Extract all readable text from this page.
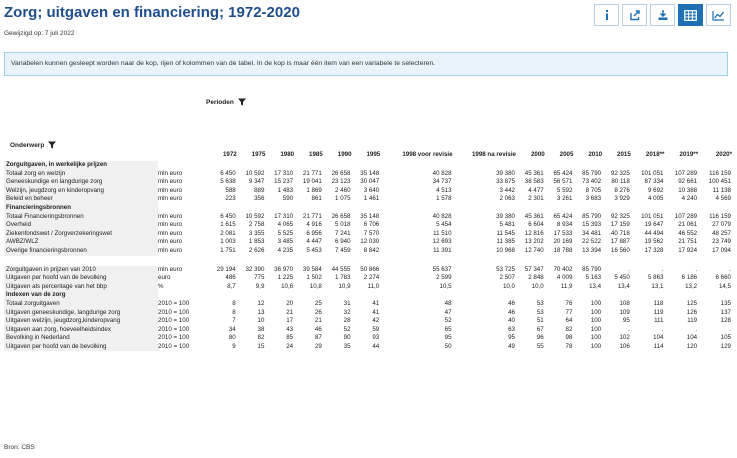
Zorg; uitgaven en financiering; 1972-2020
Gewijzigd op: 7 juli 2022
Variabelen kunnen gesleept worden naar de kop, rijen of kolommen van de tabel. In de kop is maar één item van een variabele te selecteren.
Perioden
Onderwerp
		1972	1975	1980	1985	1990	1995	1998 voor revisie	1998 na revisie	2000	2005	2010	2015	2018**	2019**	2020*
Zorguitgaven, in werkelijke prijzen																
Totaal zorg en welzijn	mln euro	6 450	10 592	17 310	21 771	26 658	35 148	40 828	39 380	45 361	65 424	85 790	92 325	101 051	107 289	116 159
Geneeskundige en langdurige zorg	mln euro	5 638	9 347	15 237	19 041	23 123	30 047	34 737	33 875	38 583	56 571	73 402	80 118	87 334	92 661	100 451
Welzijn, jeugdzorg en kinderopvang	mln euro	588	889	1 483	1 869	2 460	3 640	4 513	3 442	4 477	5 592	8 705	8 276	9 692	10 388	11 138
Beleid en beheer	mln euro	223	356	590	861	1 075	1 461	1 578	2 063	2 301	3 261	3 683	3 929	4 005	4 240	4 569
Financieringsbronnen																
Totaal Financieringsbronnen	mln euro	6 450	10 592	17 310	21 771	26 658	35 148	40 828	39 380	45 361	65 424	85 790	92 325	101 051	107 289	116 159
Overheid	mln euro	1 615	2 758	4 065	4 916	5 018	6 706	5 454	5 481	6 604	8 934	15 393	17 159	19 647	21 061	27 079
Ziekenfondswet / Zorgverzekeringswet	mln euro	2 081	3 355	5 525	6 956	7 241	7 570	11 510	11 545	12 816	17 533	34 481	40 718	44 494	46 552	48 257
AWBZ/WLZ	mln euro	1 003	1 853	3 485	4 447	6 940	12 030	12 693	11 385	13 202	20 169	22 522	17 887	19 562	21 751	23 749
Overige financieringsbronnen	mln euro	1 751	2 626	4 235	5 453	7 459	8 842	11 391	10 968	12 740	18 788	13 394	16 560	17 328	17 924	17 094

Zorguitgaven in prijzen van 2010	mln euro	29 194	32 390	36 970	39 584	44 555	50 866	55 637	53 725	57 347	70 402	85 790	.	.	.	.
Uitgaven per hoofd van de bevolking	euro	486	775	1 225	1 502	1 783	2 274	2 599	2 507	2 848	4 009	5 163	5 450	5 863	6 186	6 660
Uitgaven als percentage van het bbp	%	8,7	9,9	10,6	10,8	10,9	11,0	10,5	10,0	10,0	11,9	13,4	13,4	13,1	13,2	14,5
Indexen van de zorg																
Totaal zorguitgaven	2010 = 100	8	12	20	25	31	41	48	46	53	76	100	108	118	125	135
Uitgaven geneeskundige, langdurige zorg	2010 = 100	8	13	21	26	32	41	47	46	53	77	100	109	119	126	137
Uitgaven welzijn, jeugdzorg,kinderopvang	2010 = 100	7	10	17	21	28	42	52	40	51	64	100	95	111	119	128
Uitgaven aan zorg, hoeveelheidsindex	2010 = 100	34	38	43	46	52	59	65	63	67	82	100	.	.	.	.
Bevolking in Nederland	2010 = 100	80	82	85	87	90	93	95	95	96	98	100	102	104	104	105
Uitgaven per hoofd van de bevolking	2010 = 100	9	15	24	29	35	44	50	49	55	78	100	106	114	120	129
Bron: CBS
